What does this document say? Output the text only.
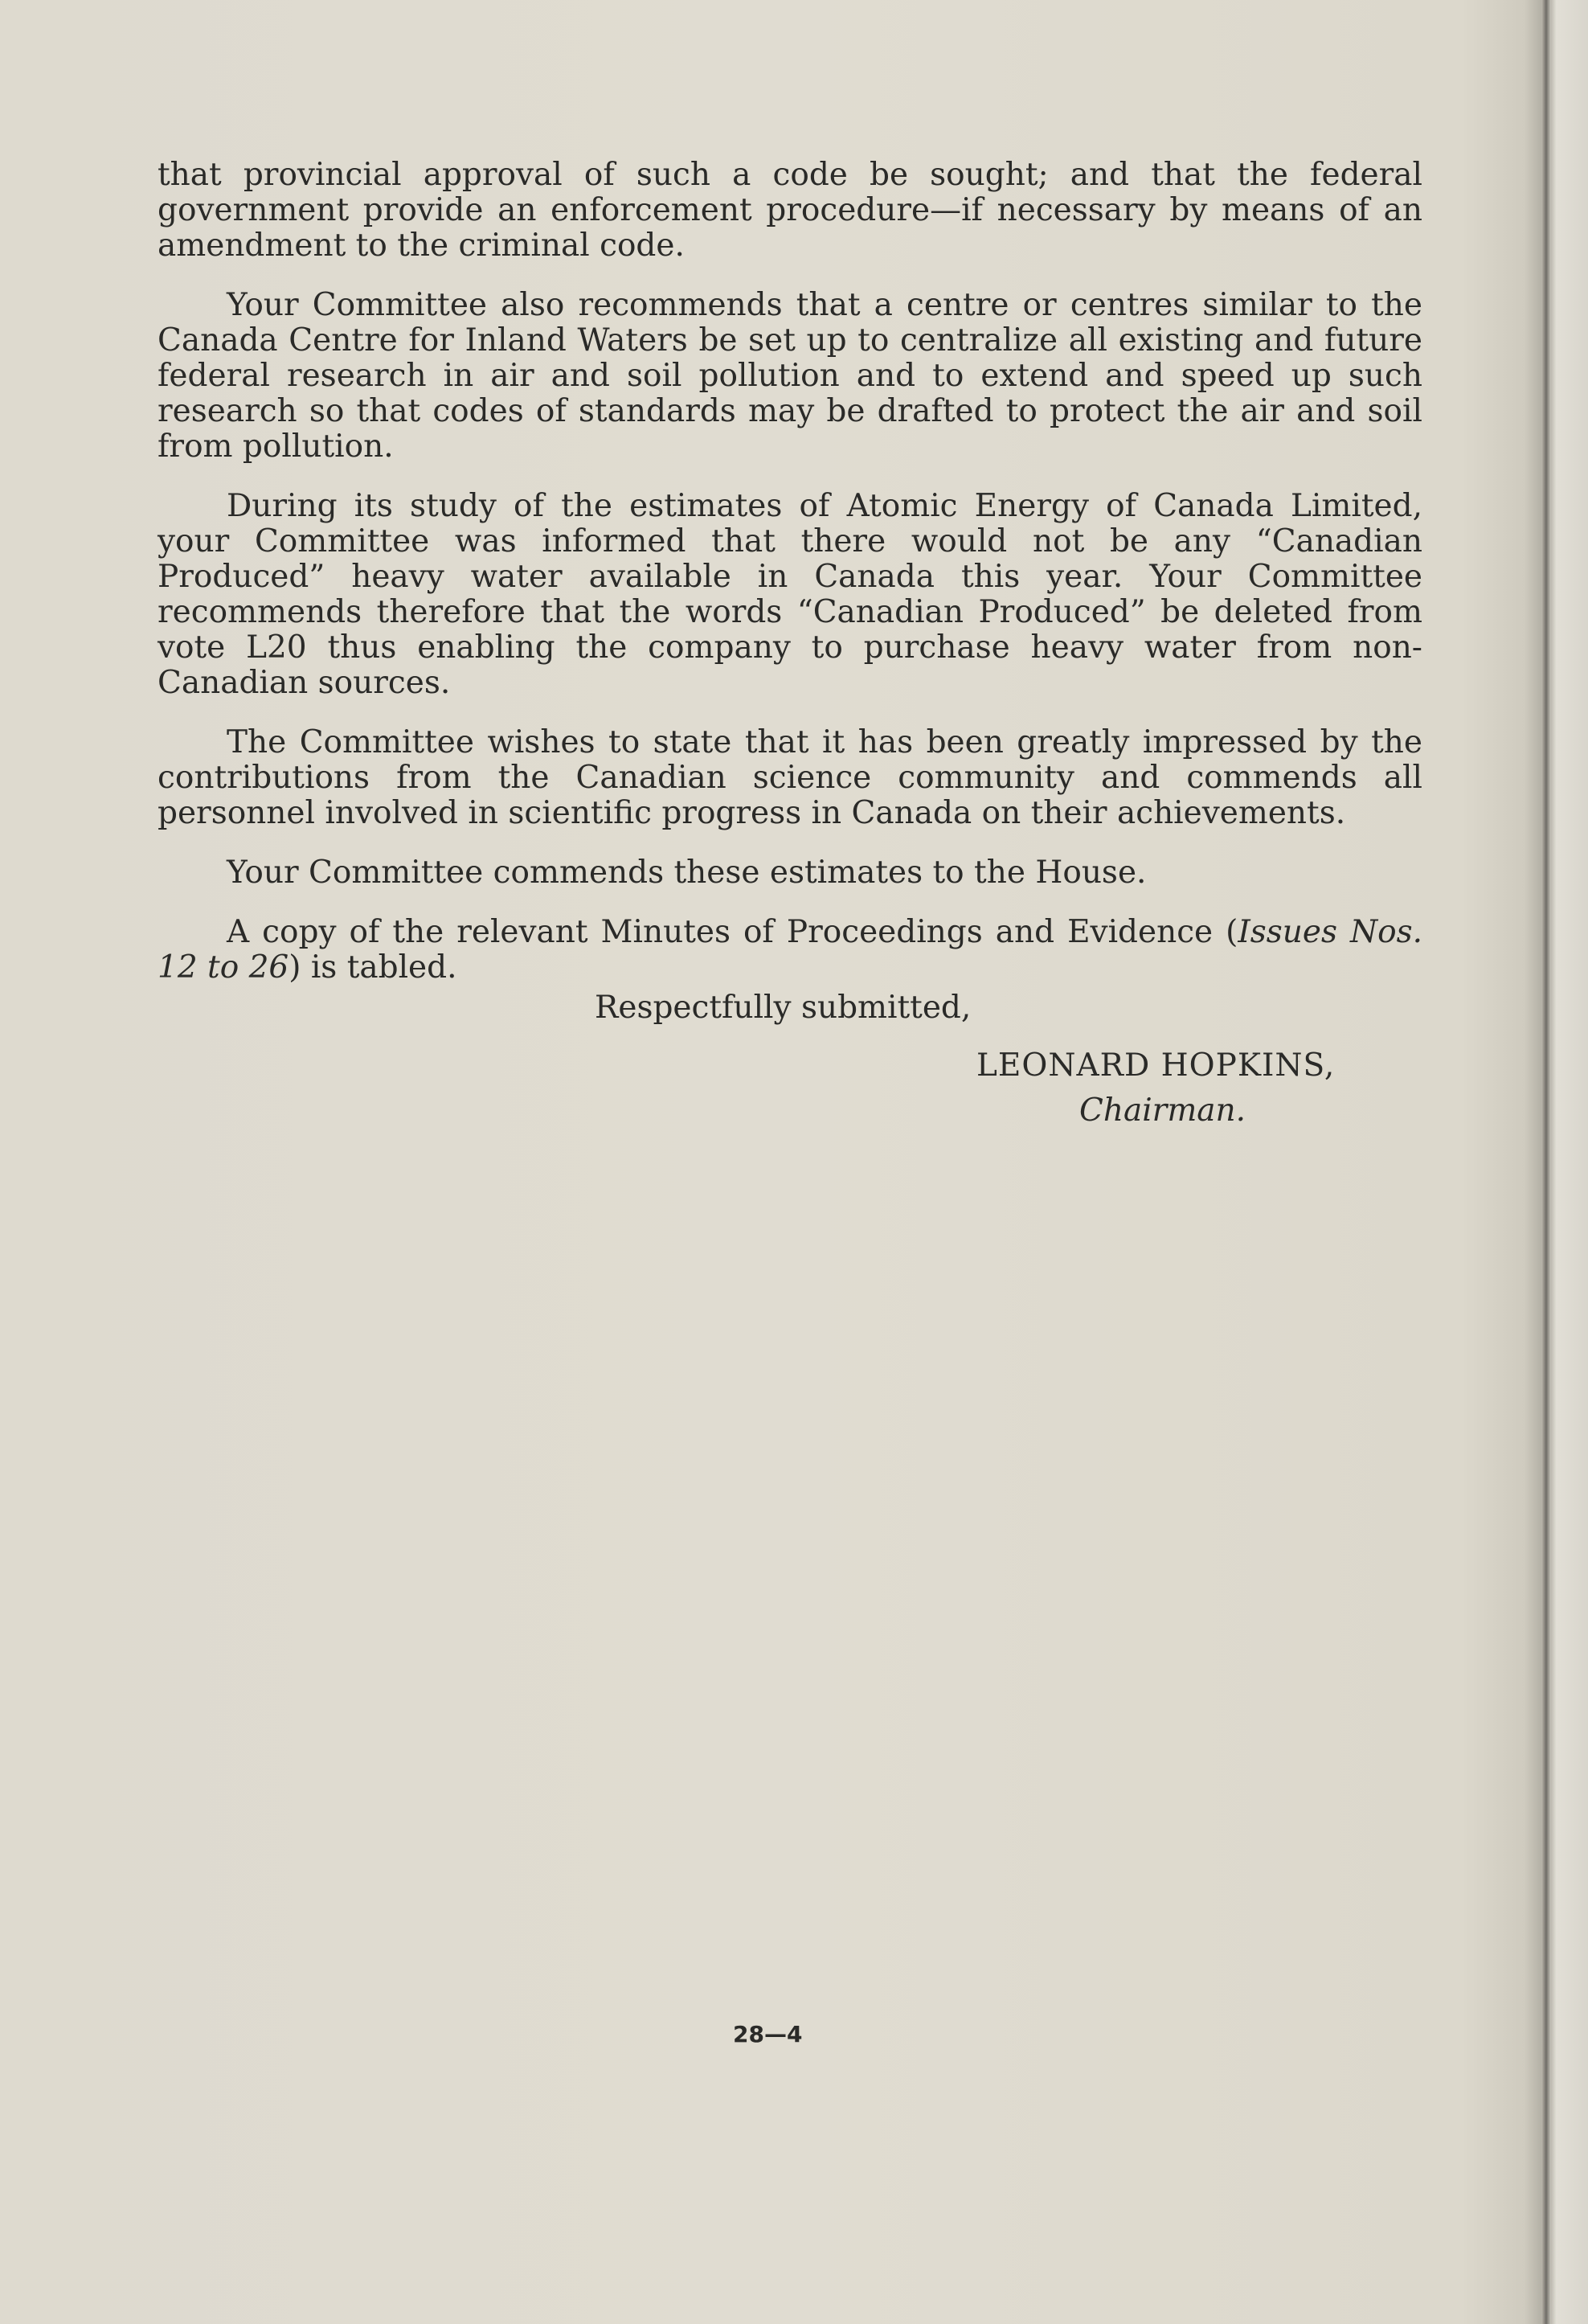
that provincial approval of such a code be sought; and that the federal government provide an enforcement procedure—if necessary by means of an amendment to the criminal code.

Your Committee also recommends that a centre or centres similar to the Canada Centre for Inland Waters be set up to centralize all existing and future federal research in air and soil pollution and to extend and speed up such research so that codes of standards may be drafted to protect the air and soil from pollution.

During its study of the estimates of Atomic Energy of Canada Limited, your Committee was informed that there would not be any “Canadian Produced” heavy water available in Canada this year. Your Committee recommends therefore that the words “Canadian Produced” be deleted from vote L20 thus enabling the company to purchase heavy water from non-Canadian sources.

The Committee wishes to state that it has been greatly impressed by the contributions from the Canadian science community and commends all personnel involved in scientific progress in Canada on their achievements.

Your Committee commends these estimates to the House.

A copy of the relevant Minutes of Proceedings and Evidence (Issues Nos. 12 to 26) is tabled.

Respectfully submitted,
LEONARD HOPKINS,
Chairman.
28—4
